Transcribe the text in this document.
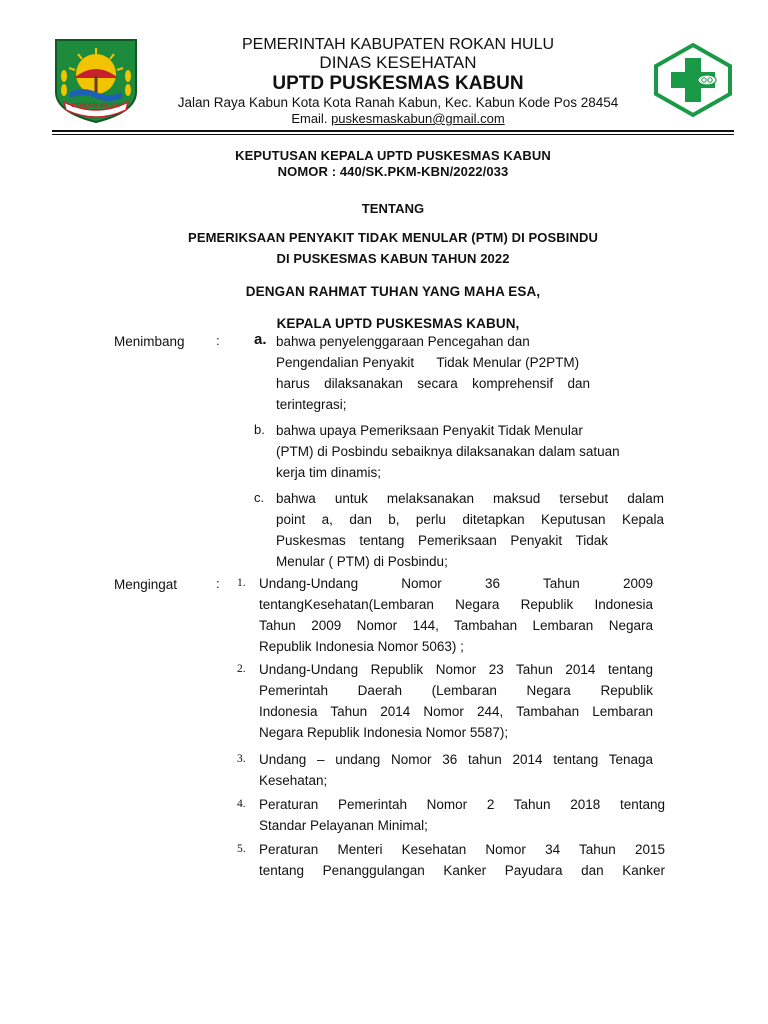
ROKAN HULU
PEMERINTAH KABUPATEN ROKAN HULU
DINAS KESEHATAN
UPTD PUSKESMAS KABUN
Jalan Raya Kabun Kota Kota Ranah Kabun, Kec. Kabun Kode Pos 28454
Email. puskesmaskabun@gmail.com
KEPUTUSAN KEPALA UPTD PUSKESMAS KABUN
NOMOR : 440/SK.PKM-KBN/2022/033
TENTANG
PEMERIKSAAN PENYAKIT TIDAK MENULAR (PTM) DI POSBINDU
DI PUSKESMAS KABUN TAHUN 2022
DENGAN RAHMAT TUHAN YANG MAHA ESA,
KEPALA UPTD PUSKESMAS KABUN,
Menimbang : a. bahwa penyelenggaraan Pencegahan dan
Pengendalian Penyakit      Tidak Menular (P2PTM)
harus dilaksanakan secara komprehensif dan
terintegrasi;
b. bahwa upaya Pemeriksaan Penyakit Tidak Menular
(PTM) di Posbindu sebaiknya dilaksanakan dalam satuan
kerja tim dinamis;
c. bahwa untuk melaksanakan maksud tersebut dalam
point a, dan b, perlu ditetapkan Keputusan Kepala
Puskesmas tentang Pemeriksaan Penyakit Tidak
Menular ( PTM) di Posbindu;
Mengingat	: 1. Undang-Undang Nomor 36 Tahun 2009
tentangKesehatan(Lembaran Negara Republik Indonesia
Tahun 2009 Nomor 144, Tambahan Lembaran Negara
Republik Indonesia Nomor 5063) ;
2. Undang-Undang Republik Nomor 23 Tahun 2014 tentang
Pemerintah Daerah (Lembaran Negara Republik
Indonesia Tahun 2014 Nomor 244, Tambahan Lembaran
Negara Republik Indonesia Nomor 5587);
3. Undang – undang Nomor 36 tahun 2014 tentang Tenaga
Kesehatan;
4. Peraturan Pemerintah Nomor 2 Tahun 2018 tentang
Standar Pelayanan Minimal;
5. Peraturan Menteri Kesehatan Nomor 34 Tahun 2015
tentang Penanggulangan Kanker Payudara dan Kanker
